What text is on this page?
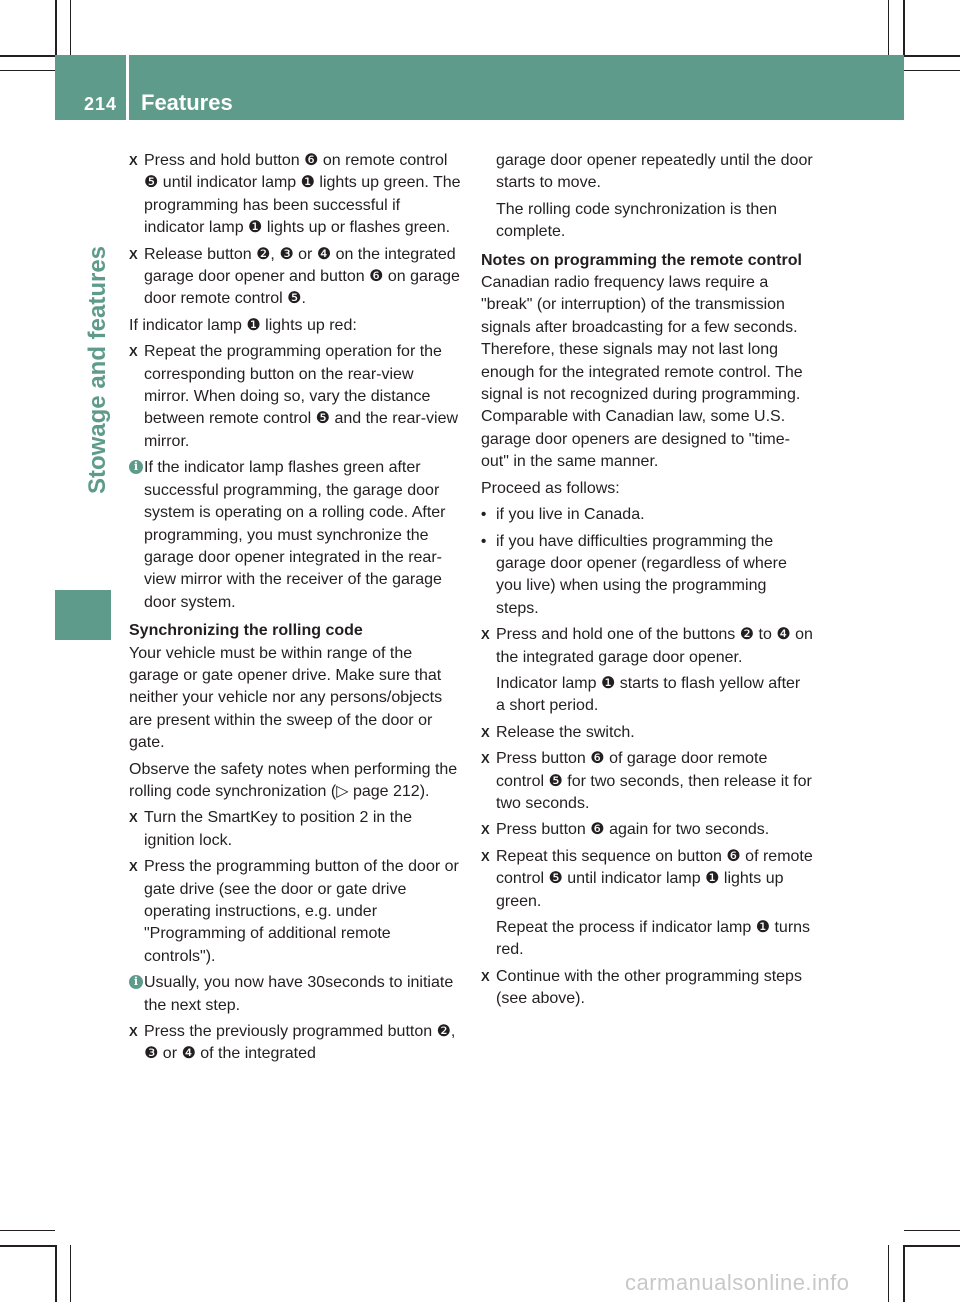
214 Features
Stowage and features
X Press and hold button ❻ on remote control ❺ until indicator lamp ❶ lights up green. The programming has been successful if indicator lamp ❶ lights up or flashes green.
X Release button ❷, ❸ or ❹ on the integrated garage door opener and button ❻ on garage door remote control ❺.
If indicator lamp ❶ lights up red:
X Repeat the programming operation for the corresponding button on the rear-view mirror. When doing so, vary the distance between remote control ❺ and the rear-view mirror.
i If the indicator lamp flashes green after successful programming, the garage door system is operating on a rolling code. After programming, you must synchronize the garage door opener integrated in the rear-view mirror with the receiver of the garage door system.
Synchronizing the rolling code
Your vehicle must be within range of the garage or gate opener drive. Make sure that neither your vehicle nor any persons/objects are present within the sweep of the door or gate.
Observe the safety notes when performing the rolling code synchronization (▷ page 212).
X Turn the SmartKey to position 2 in the ignition lock.
X Press the programming button of the door or gate drive (see the door or gate drive operating instructions, e.g. under "Programming of additional remote controls").
i Usually, you now have 30seconds to initiate the next step.
X Press the previously programmed button ❷, ❸ or ❹ of the integrated
garage door opener repeatedly until the door starts to move.
The rolling code synchronization is then complete.
Notes on programming the remote control
Canadian radio frequency laws require a "break" (or interruption) of the transmission signals after broadcasting for a few seconds. Therefore, these signals may not last long enough for the integrated remote control. The signal is not recognized during programming. Comparable with Canadian law, some U.S. garage door openers are designed to "time-out" in the same manner.
Proceed as follows:
• if you live in Canada.
• if you have difficulties programming the garage door opener (regardless of where you live) when using the programming steps.
X Press and hold one of the buttons ❷ to ❹ on the integrated garage door opener.
Indicator lamp ❶ starts to flash yellow after a short period.
X Release the switch.
X Press button ❻ of garage door remote control ❺ for two seconds, then release it for two seconds.
X Press button ❻ again for two seconds.
X Repeat this sequence on button ❻ of remote control ❺ until indicator lamp ❶ lights up green.
Repeat the process if indicator lamp ❶ turns red.
X Continue with the other programming steps (see above).
carmanualsonline.info
